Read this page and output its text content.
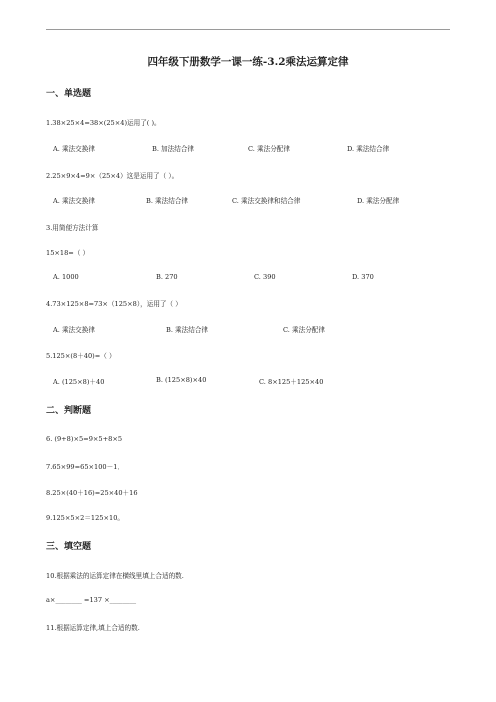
四年级下册数学一课一练-3.2乘法运算定律
一、单选题
1.38×25×4=38×(25×4)运用了( )。
A. 乘法交换律	B. 加法结合律	C. 乘法分配律	D. 乘法结合律
2.25×9×4=9×（25×4）这是运用了（ ）。
A. 乘法交换律	B. 乘法结合律	C. 乘法交换律和结合律	D. 乘法分配律
3.用简便方法计算
15×18=（ ）
A. 1000	B. 270	C. 390	D. 370
4.73×125×8=73×（125×8），运用了（ ）
A. 乘法交换律	B. 乘法结合律	C. 乘法分配律
5.125×(8＋40)=（ ）
A. (125×8)＋40	B. (125×8)×40	C. 8×125＋125×40
二、判断题
6. (9+8)×5=9×5+8×5
7.65×99=65×100－1．
8.25×(40＋16)=25×40＋16
9.125×5×2＝125×10。
三、填空题
10.根据乘法的运算定律在横线里填上合适的数.
a×________ =137 ×________
11.根据运算定律,填上合适的数.
